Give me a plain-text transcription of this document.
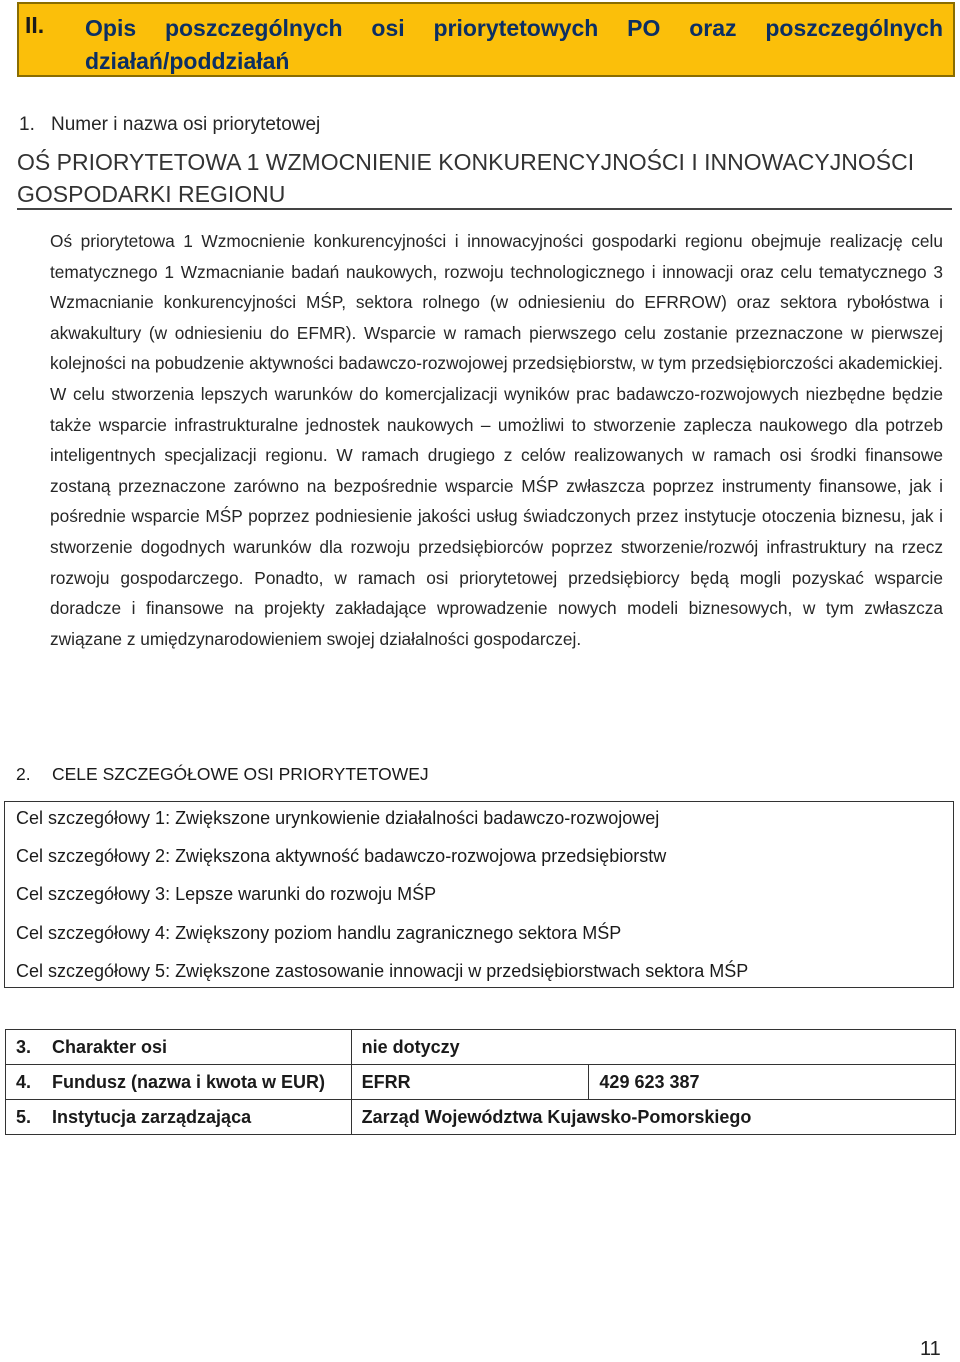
II. Opis poszczególnych osi priorytetowych PO oraz poszczególnych działań/poddziałań
1. Numer i nazwa osi priorytetowej
OŚ PRIORYTETOWA 1 WZMOCNIENIE KONKURENCYJNOŚCI I INNOWACYJNOŚCI GOSPODARKI REGIONU

Oś priorytetowa 1 Wzmocnienie konkurencyjności i innowacyjności gospodarki regionu obejmuje realizację celu tematycznego 1 Wzmacnianie badań naukowych, rozwoju technologicznego i innowacji oraz celu tematycznego 3 Wzmacnianie konkurencyjności MŚP, sektora rolnego (w odniesieniu do EFRROW) oraz sektora rybołóstwa i akwakultury (w odniesieniu do EFMR). Wsparcie w ramach pierwszego celu zostanie przeznaczone w pierwszej kolejności na pobudzenie aktywności badawczo-rozwojowej przedsiębiorstw, w tym przedsiębiorczości akademickiej. W celu stworzenia lepszych warunków do komercjalizacji wyników prac badawczo-rozwojowych niezbędne będzie także wsparcie infrastrukturalne jednostek naukowych – umożliwi to stworzenie zaplecza naukowego dla potrzeb inteligentnych specjalizacji regionu. W ramach drugiego z celów realizowanych w ramach osi środki finansowe zostaną przeznaczone zarówno na bezpośrednie wsparcie MŚP zwłaszcza poprzez instrumenty finansowe, jak i pośrednie wsparcie MŚP poprzez podniesienie jakości usług świadczonych przez instytucje otoczenia biznesu, jak i stworzenie dogodnych warunków dla rozwoju przedsiębiorców poprzez stworzenie/rozwój infrastruktury na rzecz rozwoju gospodarczego. Ponadto, w ramach osi priorytetowej przedsiębiorcy będą mogli pozyskać wsparcie doradcze i finansowe na projekty zakładające wprowadzenie nowych modeli biznesowych, w tym zwłaszcza związane z umiędzynarodowieniem swojej działalności gospodarczej.

2. CELE SZCZEGÓŁOWE OSI PRIORYTETOWEJ
Cel szczegółowy 1: Zwiększone urynkowienie działalności badawczo-rozwojowej
Cel szczegółowy 2: Zwiększona aktywność badawczo-rozwojowa przedsiębiorstw
Cel szczegółowy 3: Lepsze warunki do rozwoju MŚP
Cel szczegółowy 4: Zwiększony poziom handlu zagranicznego sektora MŚP
Cel szczegółowy 5: Zwiększone zastosowanie innowacji w przedsiębiorstwach sektora MŚP
3. Charakter osi	nie dotyczy	
4. Fundusz (nazwa i kwota w EUR)	EFRR	429 623 387
5. Instytucja zarządzająca	Zarząd Województwa Kujawsko-Pomorskiego	
11
